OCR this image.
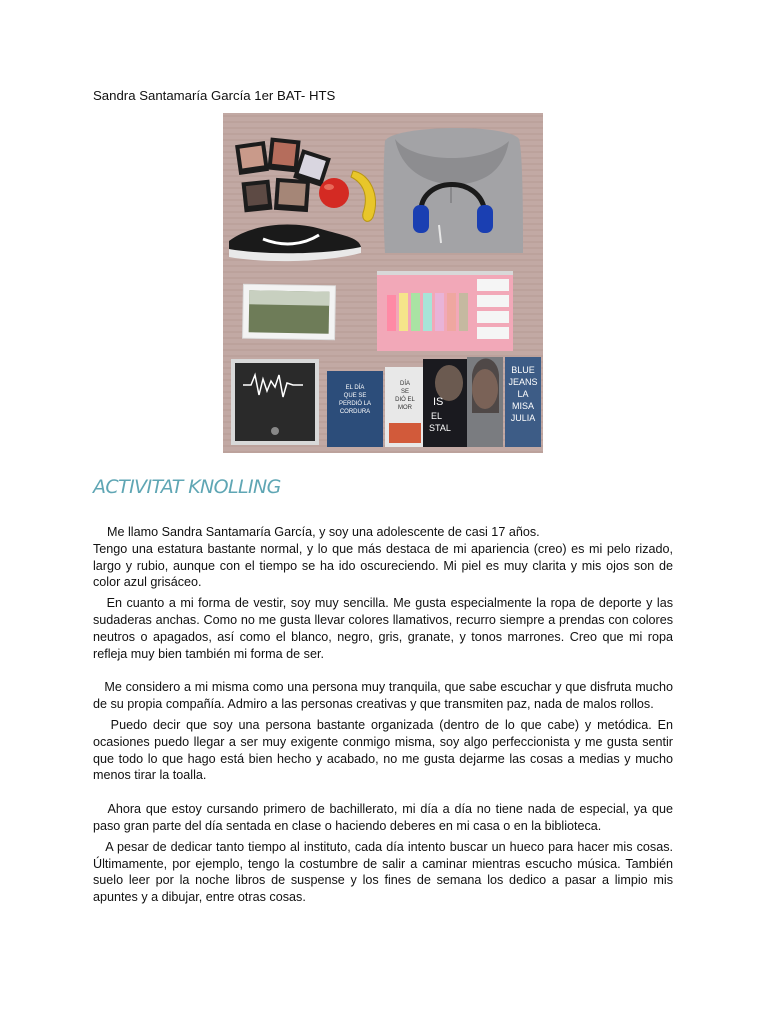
Sandra Santamaría García 1er BAT- HTS
EL DÍA
QUE SE
PERDIÓ LA
CORDURA
DÍA
SE
DIÓ EL
MOR IS
EL
STAL
BLUE
JEANS
LA
MISA
JULIA
ACTIVITAT KNOLLING

Me llamo Sandra Santamaría García, y soy una adolescente de casi 17 años.

Tengo una estatura bastante normal, y lo que más destaca de mi apariencia (creo) es mi pelo rizado, largo y rubio, aunque con el tiempo se ha ido oscureciendo. Mi piel es muy clarita y mis ojos son de color azul grisáceo.

En cuanto a mi forma de vestir, soy muy sencilla. Me gusta especialmente la ropa de deporte y las sudaderas anchas. Como no me gusta llevar colores llamativos, recurro siempre a prendas con colores neutros o apagados, así como el blanco, negro, gris, granate, y tonos marrones. Creo que mi ropa refleja muy bien también mi forma de ser.

Me considero a mi misma como una persona muy tranquila, que sabe escuchar y que disfruta mucho de su propia compañía. Admiro a las personas creativas y que transmiten paz, nada de malos rollos.

Puedo decir que soy una persona bastante organizada (dentro de lo que cabe) y metódica. En ocasiones puedo llegar a ser muy exigente conmigo misma, soy algo perfeccionista y me gusta sentir que todo lo que hago está bien hecho y acabado, no me gusta dejarme las cosas a medias y mucho menos tirar la toalla.

Ahora que estoy cursando primero de bachillerato, mi día a día no tiene nada de especial, ya que paso gran parte del día sentada en clase o haciendo deberes en mi casa o en la biblioteca.

A pesar de dedicar tanto tiempo al instituto, cada día intento buscar un hueco para hacer mis cosas. Últimamente, por ejemplo, tengo la costumbre de salir a caminar mientras escucho música. También suelo leer por la noche libros de suspense y los fines de semana los dedico a pasar a limpio mis apuntes y a dibujar, entre otras cosas.
